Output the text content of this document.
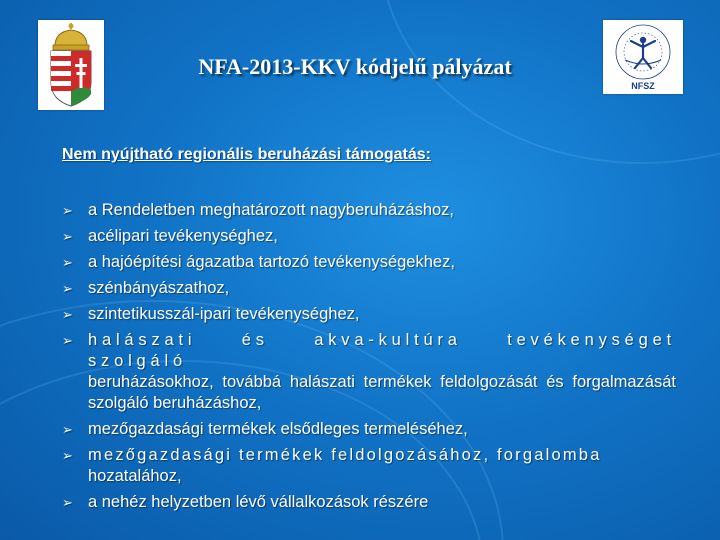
NFSZ
NFA-2013-KKV kódjelű pályázat
Nem nyújtható regionális beruházási támogatás:
➢ a Rendeletben meghatározott nagyberuházáshoz,
➢ acélipari tevékenységhez,
➢ a hajóépítési ágazatba tartozó tevékenységekhez,
➢ szénbányászathoz,
➢ szintetikusszál-ipari tevékenységhez,
➢ halászati és akva-kultúra tevékenységet szolgáló
beruházásokhoz, továbbá halászati termékek feldolgozását és forgalmazását szolgáló beruházáshoz,
➢ mezőgazdasági termékek elsődleges termeléséhez,
➢ mezőgazdasági termékek feldolgozásához, forgalomba
hozatalához,
➢ a nehéz helyzetben lévő vállalkozások részére
